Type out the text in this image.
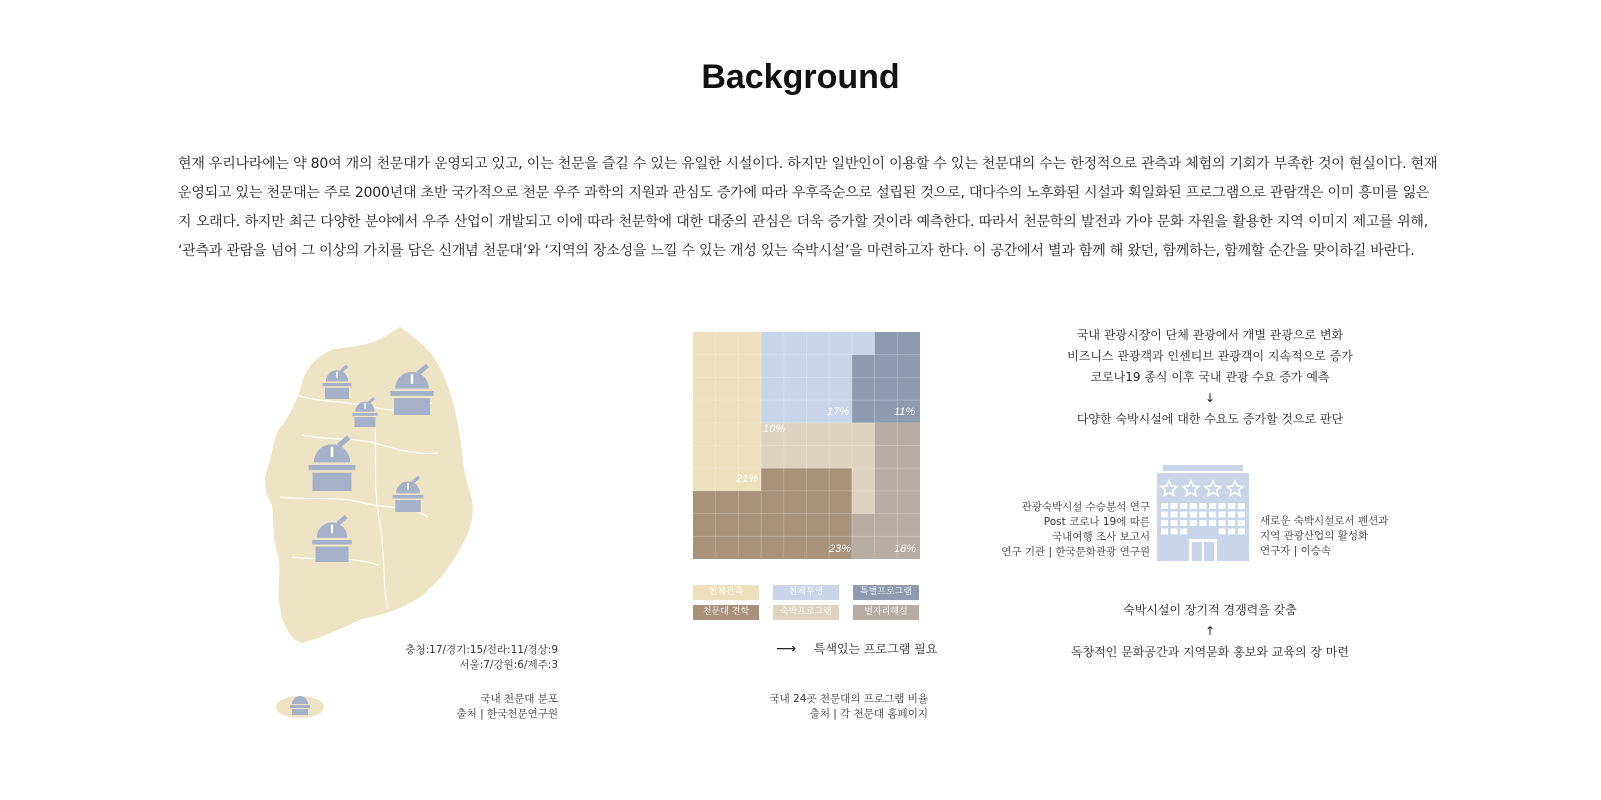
Background

현재 우리나라에는 약 80여 개의 천문대가 운영되고 있고, 이는 천문을 즐길 수 있는 유일한 시설이다. 하지만 일반인이 이용할 수 있는 천문대의 수는 한정적으로 관측과 체험의 기회가 부족한 것이 현실이다. 현재

운영되고 있는 천문대는 주로 2000년대 초반 국가적으로 천문 우주 과학의 지원과 관심도 증가에 따라 우후죽순으로 설립된 것으로, 대다수의 노후화된 시설과 획일화된 프로그램으로 관람객은 이미 흥미를 잃은

지 오래다. 하지만 최근 다양한 분야에서 우주 산업이 개발되고 이에 따라 천문학에 대한 대중의 관심은 더욱 증가할 것이라 예측한다. 따라서 천문학의 발전과 가야 문화 자원을 활용한 지역 이미지 제고를 위해,

‘관측과 관람을 넘어 그 이상의 가치를 담은 신개념 천문대’와 ‘지역의 장소성을 느낄 수 있는 개성 있는 숙박시설’을 마련하고자 한다. 이 공간에서 별과 함께 해 왔던, 함께하는, 함께할 순간을 맞이하길 바란다.

충청:17/경기:15/전라:11/경상:9
서울:7/강원:6/제주:3
국내 천문대 분포
출처 | 한국천문연구원
10%
17%	11%
21%
23%	18%
천체관측	천체투영	특별프로그램
천문대 견학	숙박프로그램	별자리해설
⟶ 특색있는 프로그램 필요
국내 24곳 천문대의 프로그램 비율
출처 | 각 천문대 홈페이지
국내 관광시장이 단체 관광에서 개별 관광으로 변화
비즈니스 관광객과 인센티브 관광객이 지속적으로 증가
코로나19 종식 이후 국내 관광 수요 증가 예측
↓
다양한 숙박시설에 대한 수요도 증가할 것으로 판단
관광숙박시설 수승분석 연구
Post 코로나 19에 따른
국내여행 조사 보고서
연구 기관 | 한국문화관광 연구원
새로운 숙박시설로서 펜션과
지역 관광산업의 활성화
연구자 | 이승속
숙박시설이 장기적 경쟁력을 갖춤
↑
독창적인 문화공간과 지역문화 홍보와 교육의 장 마련
